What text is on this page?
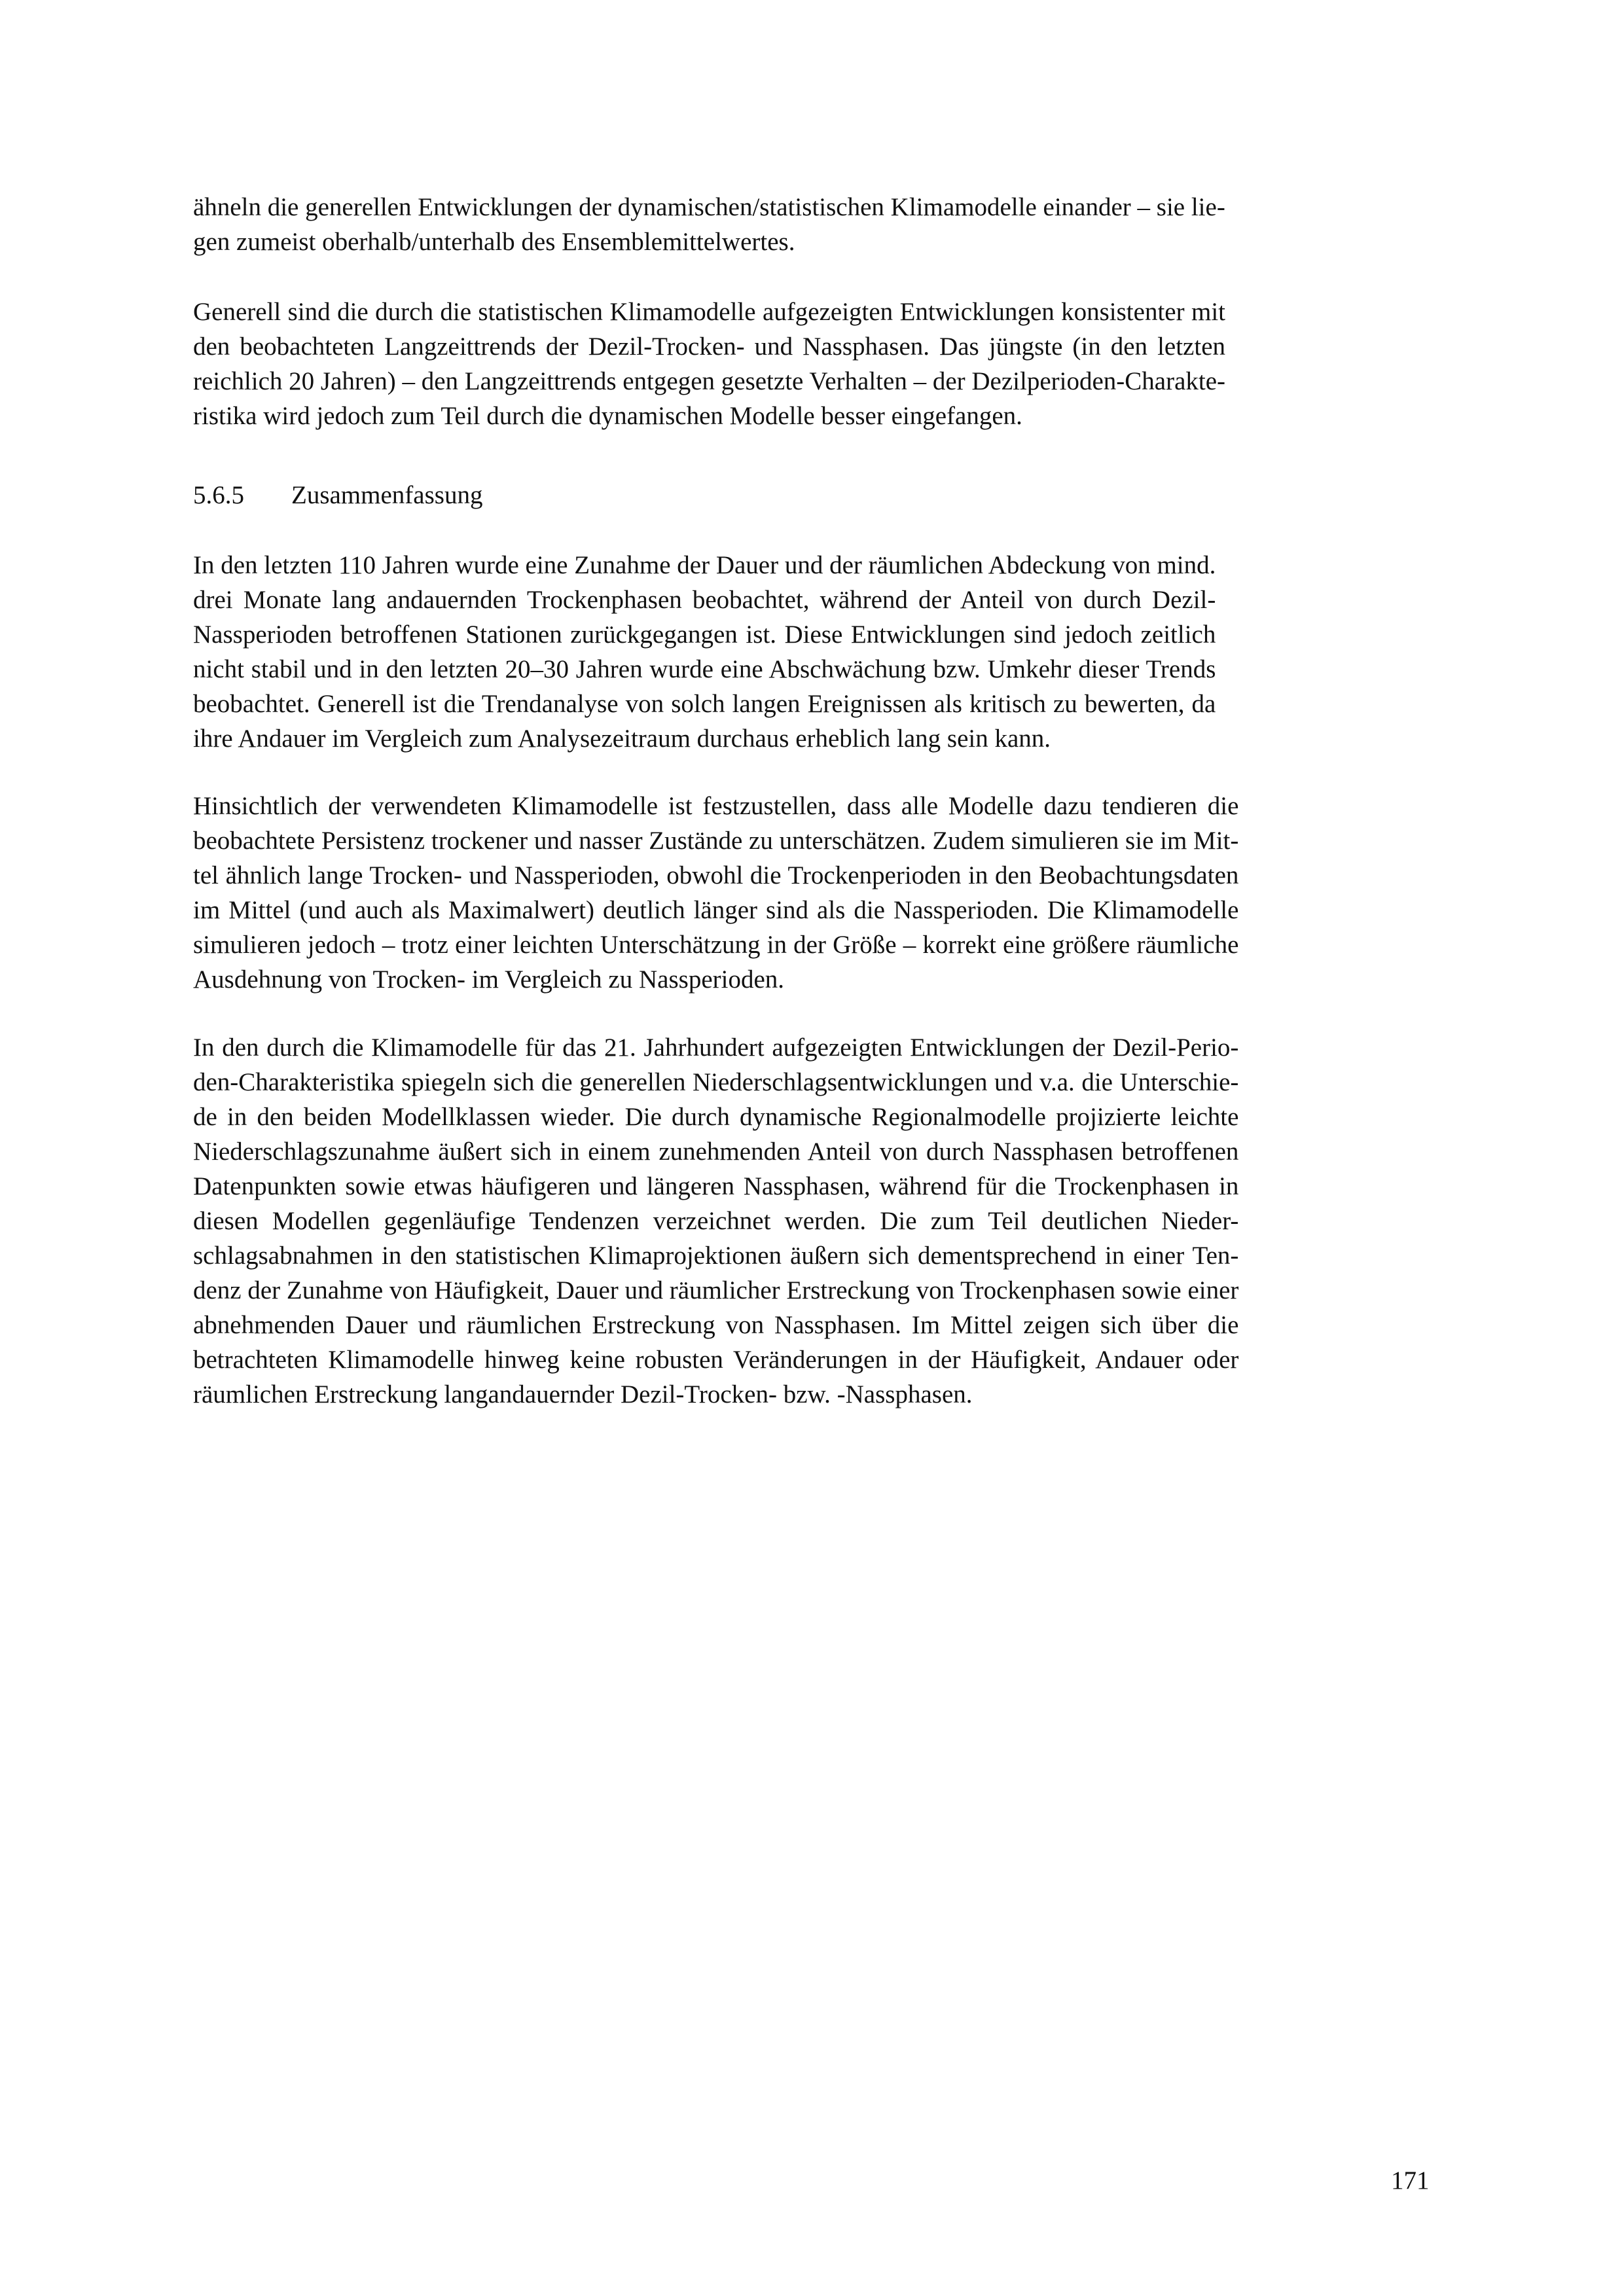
ähneln die generellen Entwicklungen der dynamischen/statistischen Klimamodelle einander – sie lie-
gen zumeist oberhalb/unterhalb des Ensemblemittelwertes.
Generell sind die durch die statistischen Klimamodelle aufgezeigten Entwicklungen konsistenter mit
den beobachteten Langzeittrends der Dezil-Trocken- und Nassphasen. Das jüngste (in den letzten
reichlich 20 Jahren) – den Langzeittrends entgegen gesetzte Verhalten – der Dezilperioden-Charakte-
ristika wird jedoch zum Teil durch die dynamischen Modelle besser eingefangen.
5.6.5 Zusammenfassung
In den letzten 110 Jahren wurde eine Zunahme der Dauer und der räumlichen Abdeckung von mind.
drei Monate lang andauernden Trockenphasen beobachtet, während der Anteil von durch Dezil-
Nassperioden betroffenen Stationen zurückgegangen ist. Diese Entwicklungen sind jedoch zeitlich
nicht stabil und in den letzten 20–30 Jahren wurde eine Abschwächung bzw. Umkehr dieser Trends
beobachtet. Generell ist die Trendanalyse von solch langen Ereignissen als kritisch zu bewerten, da
ihre Andauer im Vergleich zum Analysezeitraum durchaus erheblich lang sein kann.
Hinsichtlich der verwendeten Klimamodelle ist festzustellen, dass alle Modelle dazu tendieren die
beobachtete Persistenz trockener und nasser Zustände zu unterschätzen. Zudem simulieren sie im Mit-
tel ähnlich lange Trocken- und Nassperioden, obwohl die Trockenperioden in den Beobachtungsdaten
im Mittel (und auch als Maximalwert) deutlich länger sind als die Nassperioden. Die Klimamodelle
simulieren jedoch – trotz einer leichten Unterschätzung in der Größe – korrekt eine größere räumliche
Ausdehnung von Trocken- im Vergleich zu Nassperioden.
In den durch die Klimamodelle für das 21. Jahrhundert aufgezeigten Entwicklungen der Dezil-Perio-
den-Charakteristika spiegeln sich die generellen Niederschlagsentwicklungen und v.a. die Unterschie-
de in den beiden Modellklassen wieder. Die durch dynamische Regionalmodelle projizierte leichte
Niederschlagszunahme äußert sich in einem zunehmenden Anteil von durch Nassphasen betroffenen
Datenpunkten sowie etwas häufigeren und längeren Nassphasen, während für die Trockenphasen in
diesen Modellen gegenläufige Tendenzen verzeichnet werden. Die zum Teil deutlichen Nieder-
schlagsabnahmen in den statistischen Klimaprojektionen äußern sich dementsprechend in einer Ten-
denz der Zunahme von Häufigkeit, Dauer und räumlicher Erstreckung von Trockenphasen sowie einer
abnehmenden Dauer und räumlichen Erstreckung von Nassphasen. Im Mittel zeigen sich über die
betrachteten Klimamodelle hinweg keine robusten Veränderungen in der Häufigkeit, Andauer oder
räumlichen Erstreckung langandauernder Dezil-Trocken- bzw. -Nassphasen.
171
